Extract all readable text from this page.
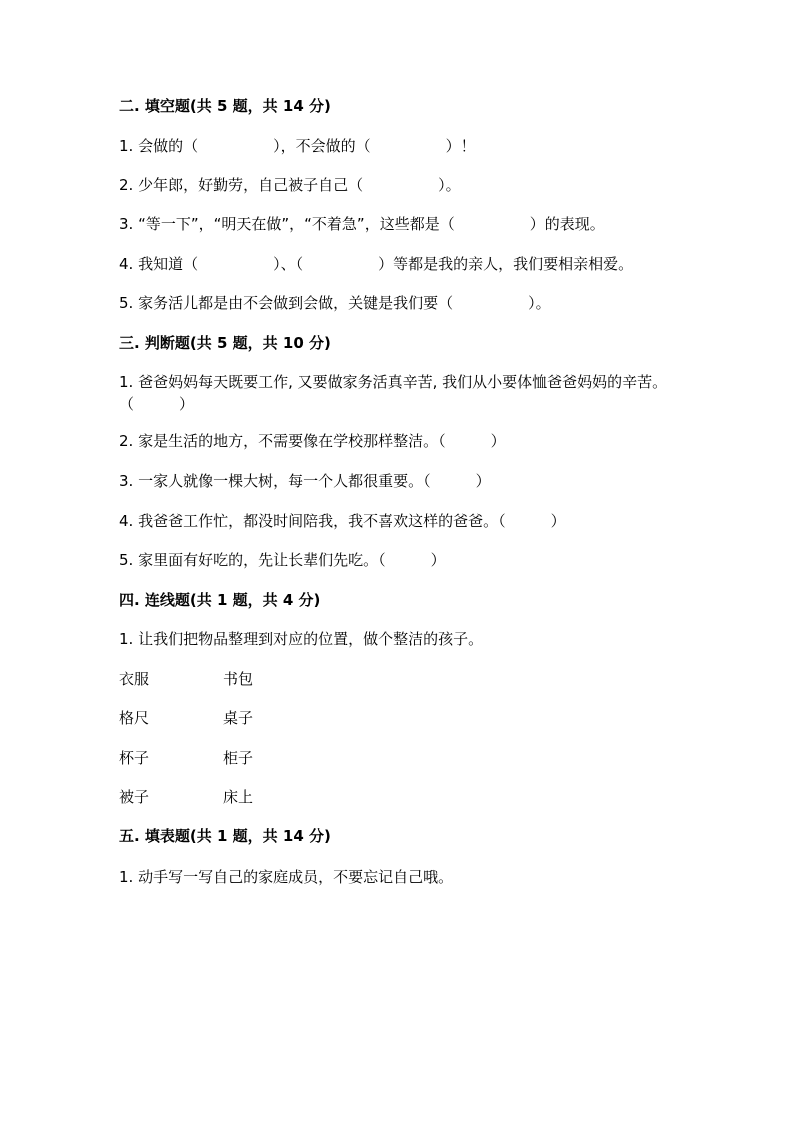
二. 填空题(共 5 题，共 14 分)
1. 会做的（　　　　　），不会做的（　　　　　）！
2. 少年郎，好勤劳，自己被子自己（　　　　　）。
3. “等一下”，“明天在做”，“不着急”，这些都是（　　　　　）的表现。
4. 我知道（　　　　　）、（　　　　　）等都是我的亲人，我们要相亲相爱。
5. 家务活儿都是由不会做到会做，关键是我们要（　　　　　）。
三. 判断题(共 5 题，共 10 分)
1. 爸爸妈妈每天既要工作, 又要做家务活真辛苦, 我们从小要体恤爸爸妈妈的辛苦。（　　　）
2. 家是生活的地方，不需要像在学校那样整洁。（　　　）
3. 一家人就像一棵大树，每一个人都很重要。（　　　）
4. 我爸爸工作忙，都没时间陪我，我不喜欢这样的爸爸。（　　　）
5. 家里面有好吃的，先让长辈们先吃。（　　　）
四. 连线题(共 1 题，共 4 分)
1. 让我们把物品整理到对应的位置，做个整洁的孩子。
衣服	书包
格尺	桌子
杯子	柜子
被子	床上
五. 填表题(共 1 题，共 14 分)
1. 动手写一写自己的家庭成员，不要忘记自己哦。
